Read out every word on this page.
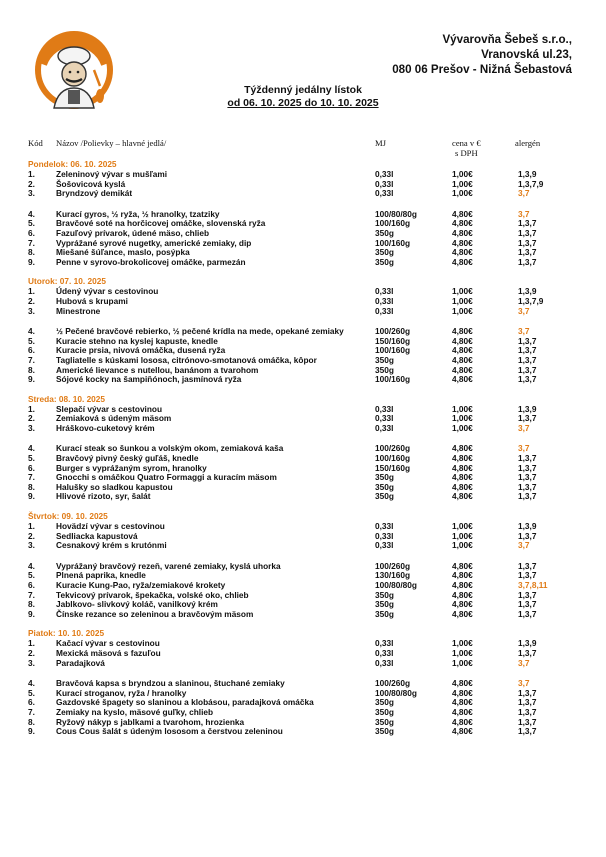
Vývarovňa Šebeš s.r.o.,
Vranovská ul.23,
080 06 Prešov - Nižná Šebastová
Týždenný jedálny lístok
od 06. 10. 2025 do 10. 10. 2025
Kód Názov /Polievky – hlavné jedlá/	MJ	cena v €
s DPH
alergén
Pondelok: 06. 10. 2025
1.	Zeleninový vývar s mušľami	0,33l	1,00€	1,3,9
2.	Šošovicová kyslá	0,33l	1,00€	1,3,7,9
3.	Bryndzový demikát	0,33l	1,00€	3,7
4.	Kurací gyros, ½ ryža, ½ hranolky, tzatziky	100/80/80g	4,80€	3,7
5.	Bravčové soté na horčicovej omáčke, slovenská ryža	100/160g	4,80€	1,3,7
6.	Fazuľový prívarok, údené mäso, chlieb	350g	4,80€	1,3,7
7.	Vyprážané syrové nugetky, americké zemiaky, dip	100/160g	4,80€	1,3,7
8.	Miešané šúľance, maslo, posýpka	350g	4,80€	1,3,7
9.	Penne v syrovo-brokolicovej omáčke, parmezán	350g	4,80€	1,3,7
Utorok: 07. 10. 2025
1.	Údený vývar s cestovinou	0,33l	1,00€	1,3,9
2.	Hubová s krupami	0,33l	1,00€	1,3,7,9
3.	Minestrone	0,33l	1,00€	3,7
4.	½ Pečené bravčové rebierko, ½ pečené krídla na mede, opekané zemiaky	100/260g	4,80€	3,7
5.	Kuracie stehno na kyslej kapuste, knedle	150/160g	4,80€	1,3,7
6.	Kuracie prsia, nivová omáčka, dusená ryža	100/160g	4,80€	1,3,7
7.	Tagliatelle s kúskami lososa, citrónovo-smotanová omáčka, kôpor	350g	4,80€	1,3,7
8.	Americké lievance s nutellou, banánom a tvarohom	350g	4,80€	1,3,7
9.	Sójové kocky na šampiňónoch, jasmínová ryža	100/160g	4,80€	1,3,7
Streda: 08. 10. 2025
1.	Slepačí vývar s cestovinou	0,33l	1,00€	1,3,9
2.	Zemiaková s údeným mäsom	0,33l	1,00€	1,3,7
3.	Hráškovo-cuketový krém	0,33l	1,00€	3,7
4.	Kurací steak so šunkou a volským okom, zemiaková kaša	100/260g	4,80€	3,7
5.	Bravčový pivný český guľáš, knedle	100/160g	4,80€	1,3,7
6.	Burger s vyprážaným syrom, hranolky	150/160g	4,80€	1,3,7
7.	Gnocchi s omáčkou Quatro Formaggi a kuracím mäsom	350g	4,80€	1,3,7
8.	Halušky so sladkou kapustou	350g	4,80€	1,3,7
9.	Hlivové rizoto, syr, šalát	350g	4,80€	1,3,7
Štvrtok: 09. 10. 2025
1.	Hovädzí vývar s cestovinou	0,33l	1,00€	1,3,9
2.	Sedliacka kapustová	0,33l	1,00€	1,3,7
3.	Cesnakový krém s krutónmi	0,33l	1,00€	3,7
4.	Vyprážaný bravčový rezeň, varené zemiaky, kyslá uhorka	100/260g	4,80€	1,3,7
5.	Plnená paprika, knedle	130/160g	4,80€	1,3,7
6.	Kuracie Kung-Pao, ryža/zemiakové krokety	100/80/80g	4,80€	3,7,8,11
7.	Tekvicový prívarok, špekačka, volské oko, chlieb	350g	4,80€	1,3,7
8.	Jablkovo- slivkový koláč, vanilkový krém	350g	4,80€	1,3,7
9.	Čínske rezance so zeleninou a bravčovým mäsom	350g	4,80€	1,3,7
Piatok: 10. 10. 2025
1.	Kačací vývar s cestovinou	0,33l	1,00€	1,3,9
2.	Mexická mäsová s fazuľou	0,33l	1,00€	1,3,7
3.	Paradajková	0,33l	1,00€	3,7
4.	Bravčová kapsa s bryndzou a slaninou, štuchané zemiaky	100/260g	4,80€	3,7
5.	Kurací stroganov, ryža / hranolky	100/80/80g	4,80€	1,3,7
6.	Gazdovské špagety so slaninou a klobásou, paradajková omáčka	350g	4,80€	1,3,7
7.	Zemiaky na kyslo, mäsové guľky, chlieb	350g	4,80€	1,3,7
8.	Ryžový nákyp s jablkami a tvarohom, hrozienka	350g	4,80€	1,3,7
9.	Cous Cous šalát s údeným lososom a čerstvou zeleninou	350g	4,80€	1,3,7
